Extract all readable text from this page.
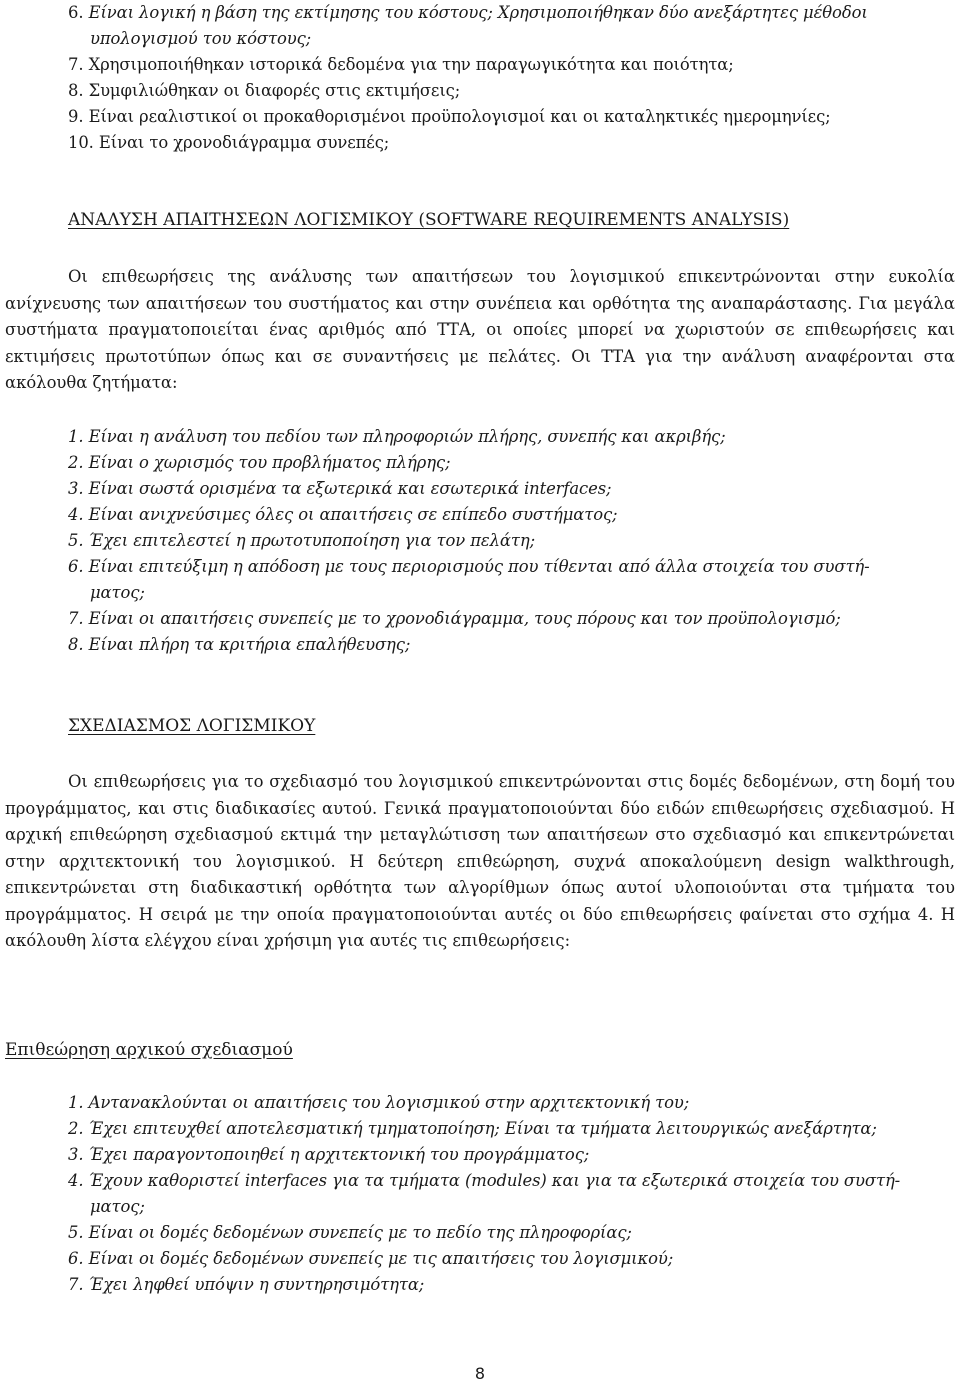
6. Είναι λογική η βάση της εκτίμησης του κόστους; Χρησιμοποιήθηκαν δύο ανεξάρτητες μέθοδοι
υπολογισμού του κόστους;
7. Χρησιμοποιήθηκαν ιστορικά δεδομένα για την παραγωγικότητα και ποιότητα;
8. Συμφιλιώθηκαν οι διαφορές στις εκτιμήσεις;
9. Είναι ρεαλιστικοί οι προκαθορισμένοι προϋπολογισμοί και οι καταληκτικές ημερομηνίες;
10. Είναι το χρονοδιάγραμμα συνεπές;
ΑΝΑΛΥΣΗ ΑΠΑΙΤΗΣΕΩΝ ΛΟΓΙΣΜΙΚΟΥ (SOFTWARE REQUIREMENTS ANALYSIS)

Οι επιθεωρήσεις της ανάλυσης των απαιτήσεων του λογισμικού επικεντρώνονται στην ευκολία ανίχνευσης των απαιτήσεων του συστήματος και στην συνέπεια και ορθότητα της αναπαράστασης. Για μεγάλα συστήματα πραγματοποιείται ένας αριθμός από ΤΤΑ, οι οποίες μπορεί να χωριστούν σε επιθεωρήσεις και εκτιμήσεις πρωτοτύπων όπως και σε συναντήσεις με πελάτες. Οι ΤΤΑ για την ανάλυση αναφέρονται στα ακόλουθα ζητήματα:

1. Είναι η ανάλυση του πεδίου των πληροφοριών πλήρης, συνεπής και ακριβής;
2. Είναι ο χωρισμός του προβλήματος πλήρης;
3. Είναι σωστά ορισμένα τα εξωτερικά και εσωτερικά interfaces;
4. Είναι ανιχνεύσιμες όλες οι απαιτήσεις σε επίπεδο συστήματος;
5. Έχει επιτελεστεί η πρωτοτυποποίηση για τον πελάτη;
6. Είναι επιτεύξιμη η απόδοση με τους περιορισμούς που τίθενται από άλλα στοιχεία του συστή-
ματος;
7. Είναι οι απαιτήσεις συνεπείς με το χρονοδιάγραμμα, τους πόρους και τον προϋπολογισμό;
8. Είναι πλήρη τα κριτήρια επαλήθευσης;
ΣΧΕΔΙΑΣΜΟΣ ΛΟΓΙΣΜΙΚΟΥ

Οι επιθεωρήσεις για το σχεδιασμό του λογισμικού επικεντρώνονται στις δομές δεδομένων, στη δομή του προγράμματος, και στις διαδικασίες αυτού. Γενικά πραγματοποιούνται δύο ειδών επιθεωρήσεις σχεδιασμού. Η αρχική επιθεώρηση σχεδιασμού εκτιμά την μεταγλώτισση των απαιτήσεων στο σχεδιασμό και επικεντρώνεται στην αρχιτεκτονική του λογισμικού. Η δεύτερη επιθεώρηση, συχνά αποκαλούμενη design walkthrough, επικεντρώνεται στη διαδικαστική ορθότητα των αλγορίθμων όπως αυτοί υλοποιούνται στα τμήματα του προγράμματος. Η σειρά με την οποία πραγματοποιούνται αυτές οι δύο επιθεωρήσεις φαίνεται στο σχήμα 4. Η ακόλουθη λίστα ελέγχου είναι χρήσιμη για αυτές τις επιθεωρήσεις:

Επιθεώρηση αρχικού σχεδιασμού
1. Αντανακλούνται οι απαιτήσεις του λογισμικού στην αρχιτεκτονική του;
2. Έχει επιτευχθεί αποτελεσματική τμηματοποίηση; Είναι τα τμήματα λειτουργικώς ανεξάρτητα;
3. Έχει παραγοντοποιηθεί η αρχιτεκτονική του προγράμματος;
4. Έχουν καθοριστεί interfaces για τα τμήματα (modules) και για τα εξωτερικά στοιχεία του συστή-
ματος;
5. Είναι οι δομές δεδομένων συνεπείς με το πεδίο της πληροφορίας;
6. Είναι οι δομές δεδομένων συνεπείς με τις απαιτήσεις του λογισμικού;
7. Έχει ληφθεί υπόψιν η συντηρησιμότητα;
8
